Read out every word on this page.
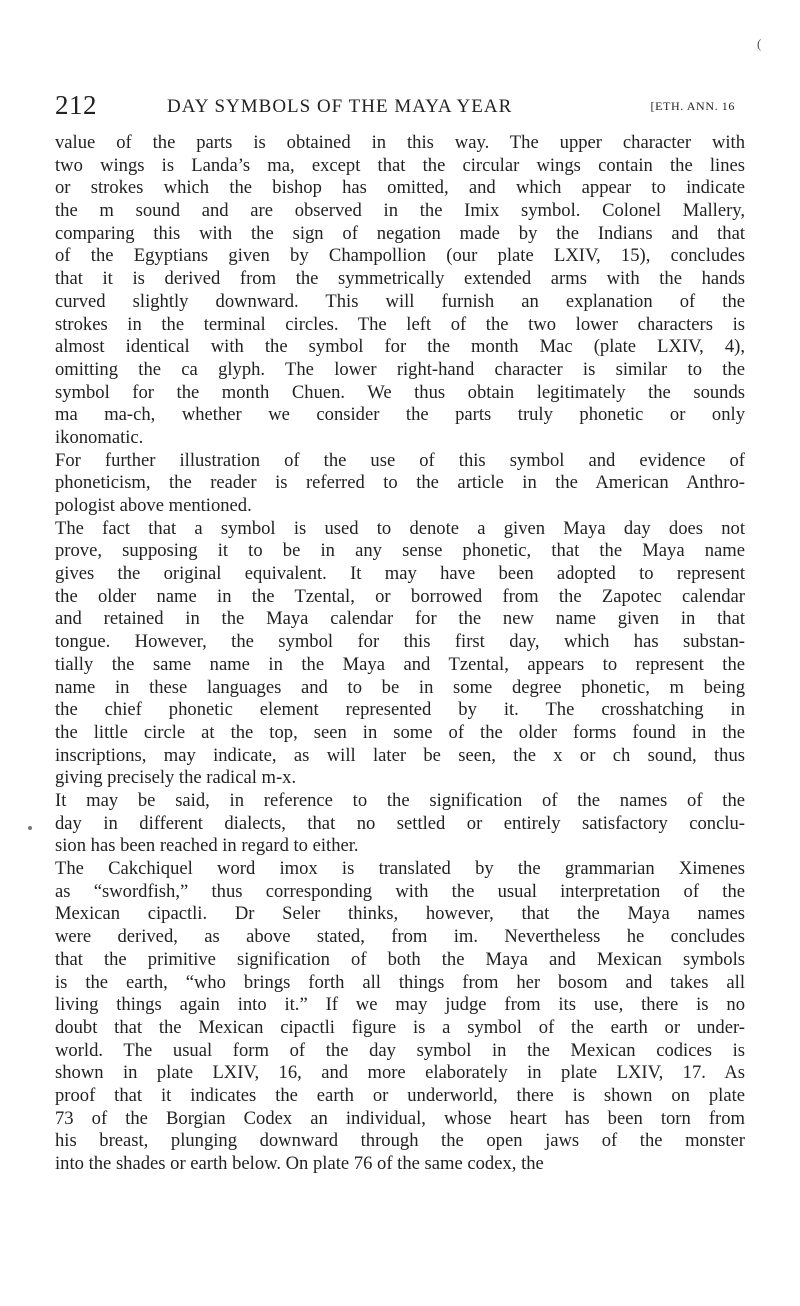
(
212	DAY SYMBOLS OF THE MAYA YEAR	[ETH. ANN. 16

value of the parts is obtained in this way. The upper character with
two wings is Landa’s ma, except that the circular wings contain the lines
or strokes which the bishop has omitted, and which appear to indicate
the m sound and are observed in the Imix symbol. Colonel Mallery,
comparing this with the sign of negation made by the Indians and that
of the Egyptians given by Champollion (our plate LXIV, 15), concludes
that it is derived from the symmetrically extended arms with the hands
curved slightly downward. This will furnish an explanation of the
strokes in the terminal circles. The left of the two lower characters is
almost identical with the symbol for the month Mac (plate LXIV, 4),
omitting the ca glyph. The lower right-hand character is similar to the
symbol for the month Chuen. We thus obtain legitimately the sounds
ma ma-ch, whether we consider the parts truly phonetic or only
ikonomatic.

For further illustration of the use of this symbol and evidence of
phoneticism, the reader is referred to the article in the American Anthro-
pologist above mentioned.

The fact that a symbol is used to denote a given Maya day does not
prove, supposing it to be in any sense phonetic, that the Maya name
gives the original equivalent. It may have been adopted to represent
the older name in the Tzental, or borrowed from the Zapotec calendar
and retained in the Maya calendar for the new name given in that
tongue. However, the symbol for this first day, which has substan-
tially the same name in the Maya and Tzental, appears to represent the
name in these languages and to be in some degree phonetic, m being
the chief phonetic element represented by it. The crosshatching in
the little circle at the top, seen in some of the older forms found in the
inscriptions, may indicate, as will later be seen, the x or ch sound, thus
giving precisely the radical m-x.

It may be said, in reference to the signification of the names of the
day in different dialects, that no settled or entirely satisfactory conclu-
sion has been reached in regard to either.

The Cakchiquel word imox is translated by the grammarian Ximenes
as “swordfish,” thus corresponding with the usual interpretation of the
Mexican cipactli. Dr Seler thinks, however, that the Maya names
were derived, as above stated, from im. Nevertheless he concludes
that the primitive signification of both the Maya and Mexican symbols
is the earth, “who brings forth all things from her bosom and takes all
living things again into it.” If we may judge from its use, there is no
doubt that the Mexican cipactli figure is a symbol of the earth or under-
world. The usual form of the day symbol in the Mexican codices is
shown in plate LXIV, 16, and more elaborately in plate LXIV, 17. As
proof that it indicates the earth or underworld, there is shown on plate
73 of the Borgian Codex an individual, whose heart has been torn from
his breast, plunging downward through the open jaws of the monster
into the shades or earth below. On plate 76 of the same codex, the
